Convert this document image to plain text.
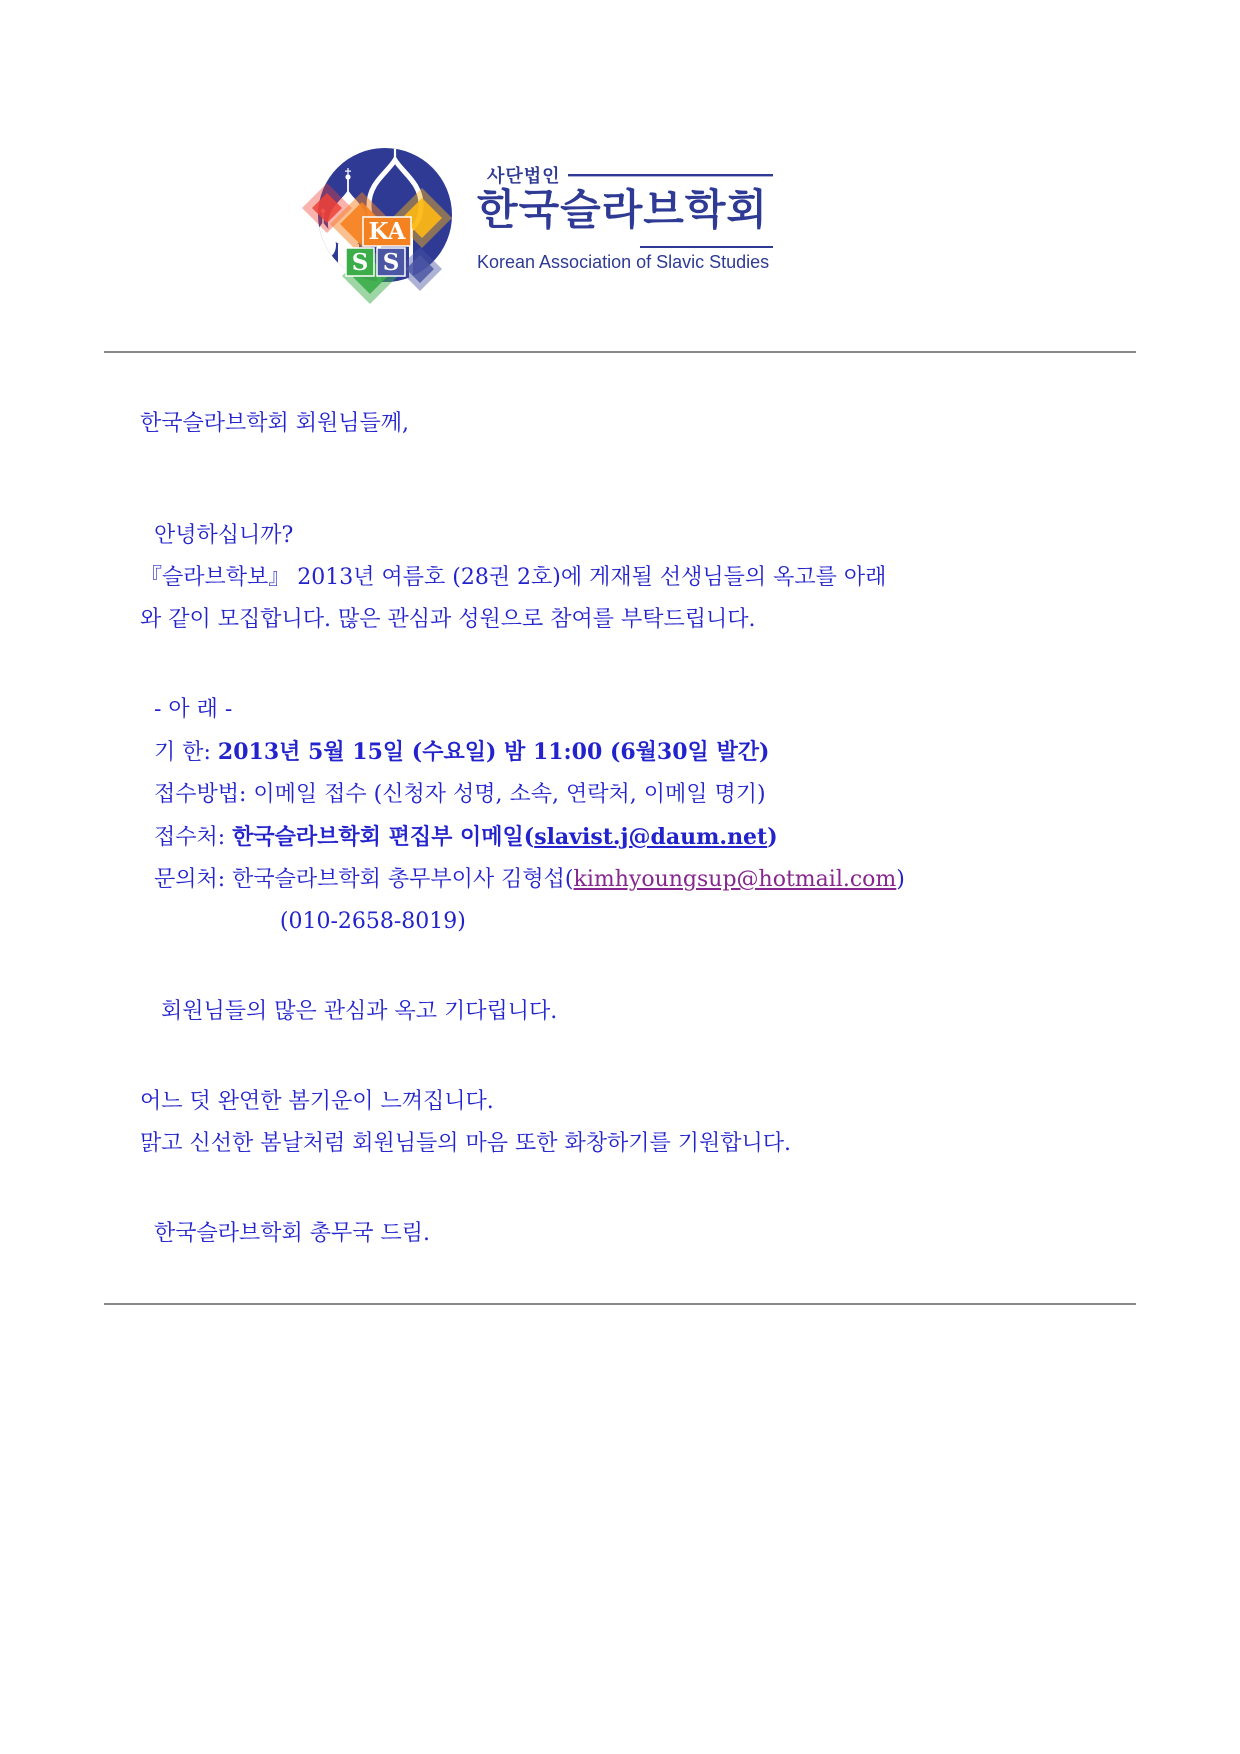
KA
S S
사단법인
한국슬라브학회
Korean Association of Slavic Studies
한국슬라브학회 회원님들께,
안녕하십니까?
『슬라브학보』 2013년 여름호 (28권 2호)에 게재될 선생님들의 옥고를 아래
와 같이 모집합니다. 많은 관심과 성원으로 참여를 부탁드립니다.
- 아 래 -
기 한: 2013년 5월 15일 (수요일) 밤 11:00 (6월30일 발간)
접수방법: 이메일 접수 (신청자 성명, 소속, 연락처, 이메일 명기)
접수처: 한국슬라브학회 편집부 이메일(slavist.j@daum.net)
문의처: 한국슬라브학회 총무부이사 김형섭(kimhyoungsup@hotmail.com)
(010-2658-8019)
회원님들의 많은 관심과 옥고 기다립니다.
어느 덧 완연한 봄기운이 느껴집니다.
맑고 신선한 봄날처럼 회원님들의 마음 또한 화창하기를 기원합니다.
한국슬라브학회 총무국 드림.
